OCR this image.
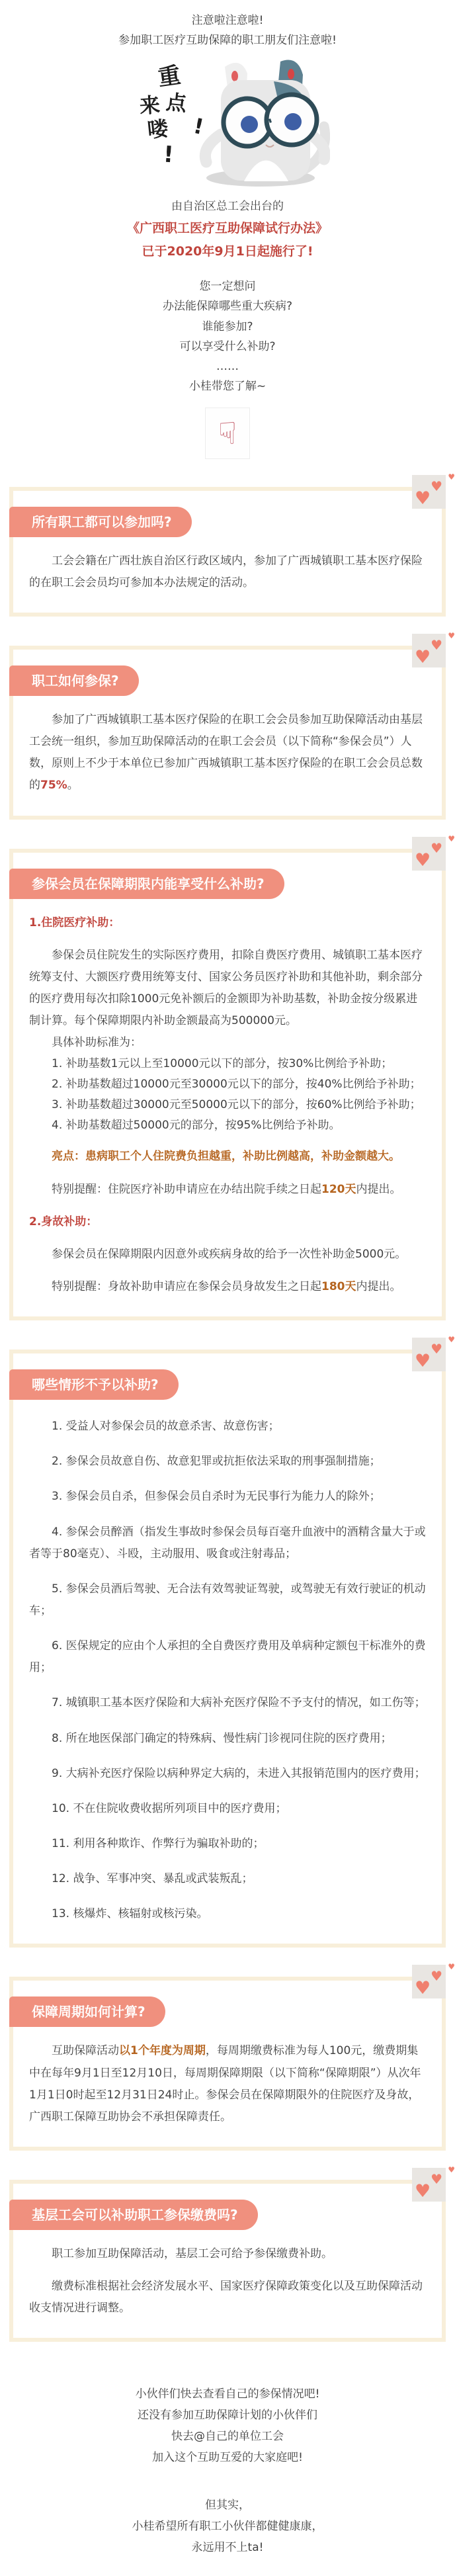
注意啦注意啦!

参加职工医疗互助保障的职工朋友们注意啦!

重
来 点
喽 !
!

由自治区总工会出台的

《广西职工医疗互助保障试行办法》

已于2020年9月1日起施行了!

您一定想问

办法能保障哪些重大疾病?

谁能参加?

可以享受什么补助?

……

小桂带您了解~

☟
♥
♥
♥
所有职工都可以参加吗?

工会会籍在广西壮族自治区行政区域内，参加了广西城镇职工基本医疗保险的在职工会会员均可参加本办法规定的活动。

♥
♥
♥
职工如何参保?

参加了广西城镇职工基本医疗保险的在职工会会员参加互助保障活动由基层工会统一组织，参加互助保障活动的在职工会会员（以下简称“参保会员”）人数，原则上不少于本单位已参加广西城镇职工基本医疗保险的在职工会会员总数的75%。

♥
♥
♥
参保会员在保障期限内能享受什么补助?

1.住院医疗补助：

参保会员住院发生的实际医疗费用，扣除自费医疗费用、城镇职工基本医疗统筹支付、大额医疗费用统筹支付、国家公务员医疗补助和其他补助，剩余部分的医疗费用每次扣除1000元免补额后的金额即为补助基数，补助金按分级累进制计算。每个保障期限内补助金额最高为500000元。

具体补助标准为：

1. 补助基数1元以上至10000元以下的部分，按30%比例给予补助；

2. 补助基数超过10000元至30000元以下的部分，按40%比例给予补助；

3. 补助基数超过30000元至50000元以下的部分，按60%比例给予补助；

4. 补助基数超过50000元的部分，按95%比例给予补助。

亮点：患病职工个人住院费负担越重，补助比例越高，补助金额越大。

特别提醒：住院医疗补助申请应在办结出院手续之日起120天内提出。

2.身故补助：

参保会员在保障期限内因意外或疾病身故的给予一次性补助金5000元。

特别提醒：身故补助申请应在参保会员身故发生之日起180天内提出。

♥
♥
♥
哪些情形不予以补助?

1. 受益人对参保会员的故意杀害、故意伤害；

2. 参保会员故意自伤、故意犯罪或抗拒依法采取的刑事强制措施；

3. 参保会员自杀，但参保会员自杀时为无民事行为能力人的除外；

4. 参保会员醉酒（指发生事故时参保会员每百毫升血液中的酒精含量大于或者等于80毫克）、斗殴，主动服用、吸食或注射毒品；

5. 参保会员酒后驾驶、无合法有效驾驶证驾驶，或驾驶无有效行驶证的机动车；

6. 医保规定的应由个人承担的全自费医疗费用及单病种定额包干标准外的费用；

7. 城镇职工基本医疗保险和大病补充医疗保险不予支付的情况，如工伤等；

8. 所在地医保部门确定的特殊病、慢性病门诊视同住院的医疗费用；

9. 大病补充医疗保险以病种界定大病的，未进入其报销范围内的医疗费用；

10. 不在住院收费收据所列项目中的医疗费用；

11. 利用各种欺诈、作弊行为骗取补助的；

12. 战争、军事冲突、暴乱或武装叛乱；

13. 核爆炸、核辐射或核污染。

♥
♥
♥
保障周期如何计算?

互助保障活动以1个年度为周期，每周期缴费标准为每人100元，缴费期集中在每年9月1日至12月10日，每周期保障期限（以下简称“保障期限”）从次年1月1日0时起至12月31日24时止。参保会员在保障期限外的住院医疗及身故，广西职工保障互助协会不承担保障责任。

♥
♥
♥
基层工会可以补助职工参保缴费吗?

职工参加互助保障活动，基层工会可给予参保缴费补助。

缴费标准根据社会经济发展水平、国家医疗保障政策变化以及互助保障活动收支情况进行调整。

小伙伴们快去查看自己的参保情况吧!

还没有参加互助保障计划的小伙伴们

快去@自己的单位工会

加入这个互助互爱的大家庭吧!

但其实，

小桂希望所有职工小伙伴都健健康康，

永远用不上ta!
